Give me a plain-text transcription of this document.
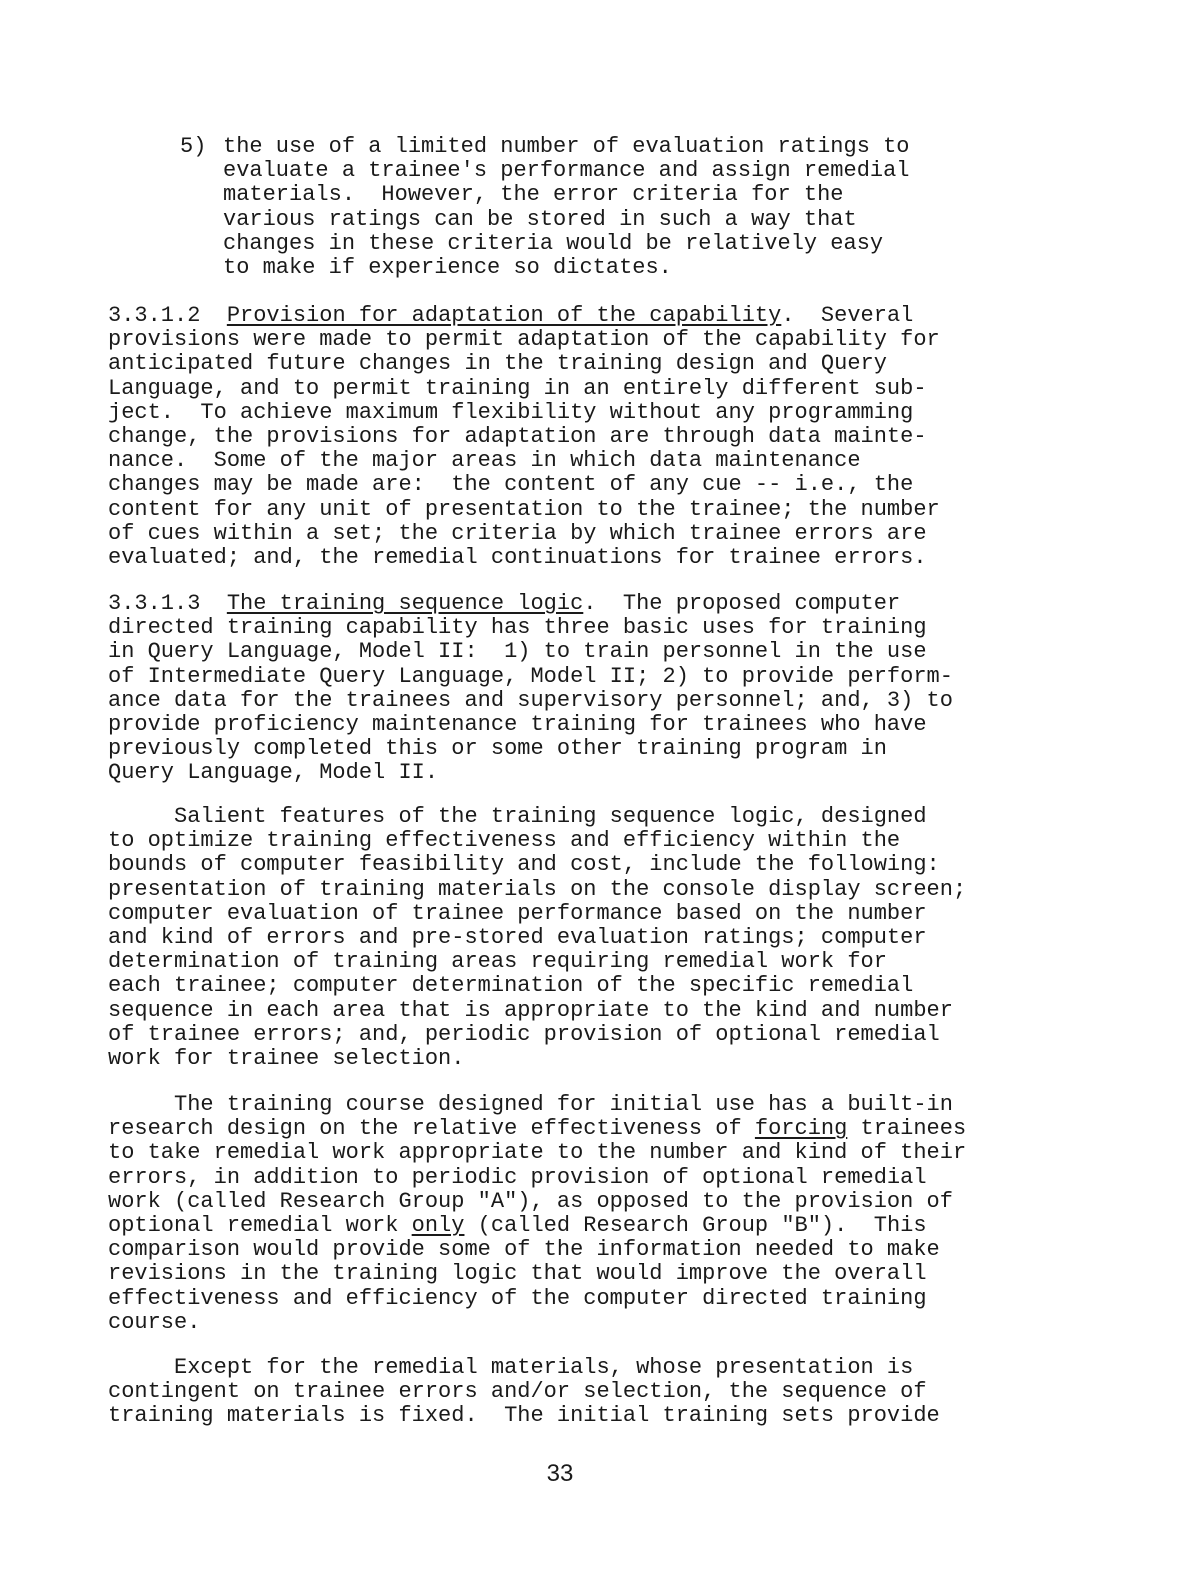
5) the use of a limited number of evaluation ratings to
evaluate a trainee's performance and assign remedial
materials.  However, the error criteria for the
various ratings can be stored in such a way that
changes in these criteria would be relatively easy
to make if experience so dictates.
3.3.1.2 Provision for adaptation of the capability.  Several
provisions were made to permit adaptation of the capability for
anticipated future changes in the training design and Query
Language, and to permit training in an entirely different sub-
ject.  To achieve maximum flexibility without any programming
change, the provisions for adaptation are through data mainte-
nance.  Some of the major areas in which data maintenance
changes may be made are:  the content of any cue -- i.e., the
content for any unit of presentation to the trainee; the number
of cues within a set; the criteria by which trainee errors are
evaluated; and, the remedial continuations for trainee errors.
3.3.1.3 The training sequence logic.  The proposed computer
directed training capability has three basic uses for training
in Query Language, Model II:  1) to train personnel in the use
of Intermediate Query Language, Model II; 2) to provide perform-
ance data for the trainees and supervisory personnel; and, 3) to
provide proficiency maintenance training for trainees who have
previously completed this or some other training program in
Query Language, Model II.
Salient features of the training sequence logic, designed
to optimize training effectiveness and efficiency within the
bounds of computer feasibility and cost, include the following:
presentation of training materials on the console display screen;
computer evaluation of trainee performance based on the number
and kind of errors and pre-stored evaluation ratings; computer
determination of training areas requiring remedial work for
each trainee; computer determination of the specific remedial
sequence in each area that is appropriate to the kind and number
of trainee errors; and, periodic provision of optional remedial
work for trainee selection.
The training course designed for initial use has a built-in
research design on the relative effectiveness of forcing trainees
to take remedial work appropriate to the number and kind of their
errors, in addition to periodic provision of optional remedial
work (called Research Group "A"), as opposed to the provision of
optional remedial work only (called Research Group "B").  This
comparison would provide some of the information needed to make
revisions in the training logic that would improve the overall
effectiveness and efficiency of the computer directed training
course.
Except for the remedial materials, whose presentation is
contingent on trainee errors and/or selection, the sequence of
training materials is fixed.  The initial training sets provide
33
